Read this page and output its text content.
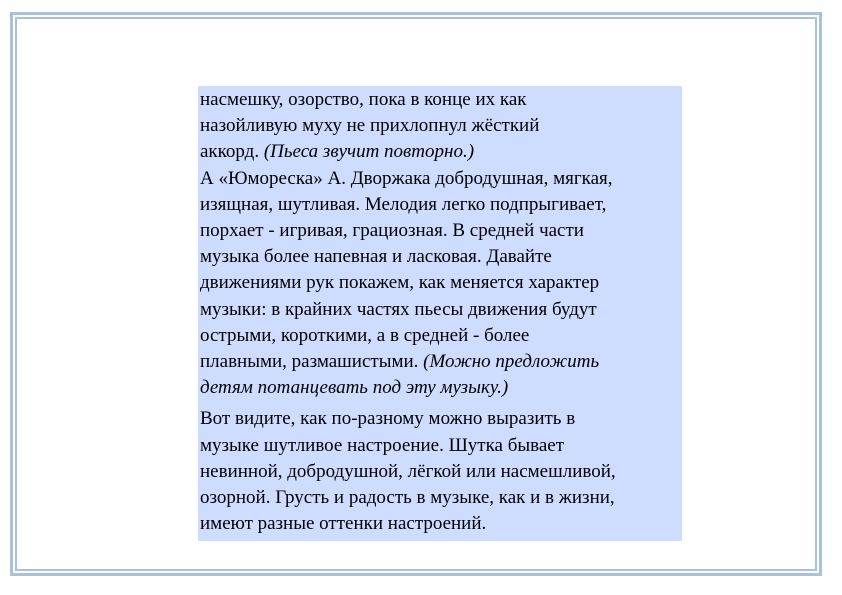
насмешку, озорство, пока в конце их как
назойливую муху не прихлопнул жёсткий
аккорд. (Пьеса звучит повторно.)
А «Юмореска» А. Дворжака добродушная, мягкая,
изящная, шутливая. Мелодия легко подпрыгивает,
порхает - игривая, грациозная. В средней части
музыка более напевная и ласковая. Давайте
движениями рук покажем, как меняется характер
музыки: в крайних частях пьесы движения будут
острыми, короткими, а в средней - более
плавными, размашистыми. (Можно предложить
детям потанцевать под эту музыку.)
Вот видите, как по-разному можно выразить в
музыке шутливое настроение. Шутка бывает
невинной, добродушной, лёгкой или насмешливой,
озорной. Грусть и радость в музыке, как и в жизни,
имеют разные оттенки настроений.
